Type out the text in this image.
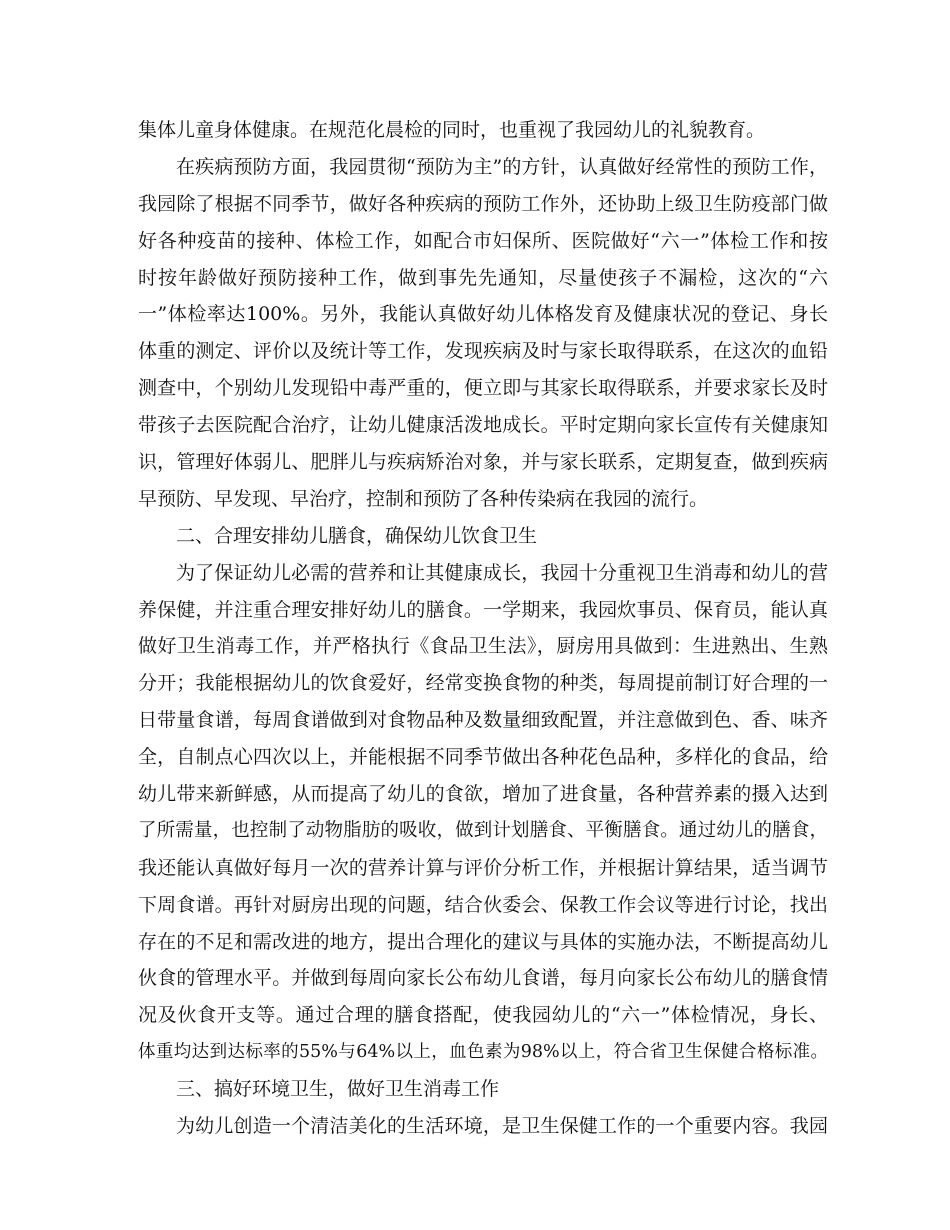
集体儿童身体健康。在规范化晨检的同时，也重视了我园幼儿的礼貌教育。
在疾病预防方面，我园贯彻“预防为主”的方针，认真做好经常性的预防工作，
我园除了根据不同季节，做好各种疾病的预防工作外，还协助上级卫生防疫部门做
好各种疫苗的接种、体检工作，如配合市妇保所、医院做好“六一”体检工作和按
时按年龄做好预防接种工作，做到事先先通知，尽量使孩子不漏检，这次的“六
一”体检率达100%。另外，我能认真做好幼儿体格发育及健康状况的登记、身长
体重的测定、评价以及统计等工作，发现疾病及时与家长取得联系，在这次的血铅
测查中，个别幼儿发现铅中毒严重的，便立即与其家长取得联系，并要求家长及时
带孩子去医院配合治疗，让幼儿健康活泼地成长。平时定期向家长宣传有关健康知
识，管理好体弱儿、肥胖儿与疾病矫治对象，并与家长联系，定期复查，做到疾病
早预防、早发现、早治疗，控制和预防了各种传染病在我园的流行。
二、合理安排幼儿膳食，确保幼儿饮食卫生
为了保证幼儿必需的营养和让其健康成长，我园十分重视卫生消毒和幼儿的营
养保健，并注重合理安排好幼儿的膳食。一学期来，我园炊事员、保育员，能认真
做好卫生消毒工作，并严格执行《食品卫生法》，厨房用具做到：生进熟出、生熟
分开；我能根据幼儿的饮食爱好，经常变换食物的种类，每周提前制订好合理的一
日带量食谱，每周食谱做到对食物品种及数量细致配置，并注意做到色、香、味齐
全，自制点心四次以上，并能根据不同季节做出各种花色品种，多样化的食品，给
幼儿带来新鲜感，从而提高了幼儿的食欲，增加了进食量，各种营养素的摄入达到
了所需量，也控制了动物脂肪的吸收，做到计划膳食、平衡膳食。通过幼儿的膳食，
我还能认真做好每月一次的营养计算与评价分析工作，并根据计算结果，适当调节
下周食谱。再针对厨房出现的问题，结合伙委会、保教工作会议等进行讨论，找出
存在的不足和需改进的地方，提出合理化的建议与具体的实施办法，不断提高幼儿
伙食的管理水平。并做到每周向家长公布幼儿食谱，每月向家长公布幼儿的膳食情
况及伙食开支等。通过合理的膳食搭配，使我园幼儿的“六一”体检情况，身长、
体重均达到达标率的55%与64%以上，血色素为98%以上，符合省卫生保健合格标准。
三、搞好环境卫生，做好卫生消毒工作
为幼儿创造一个清洁美化的生活环境，是卫生保健工作的一个重要内容。我园
